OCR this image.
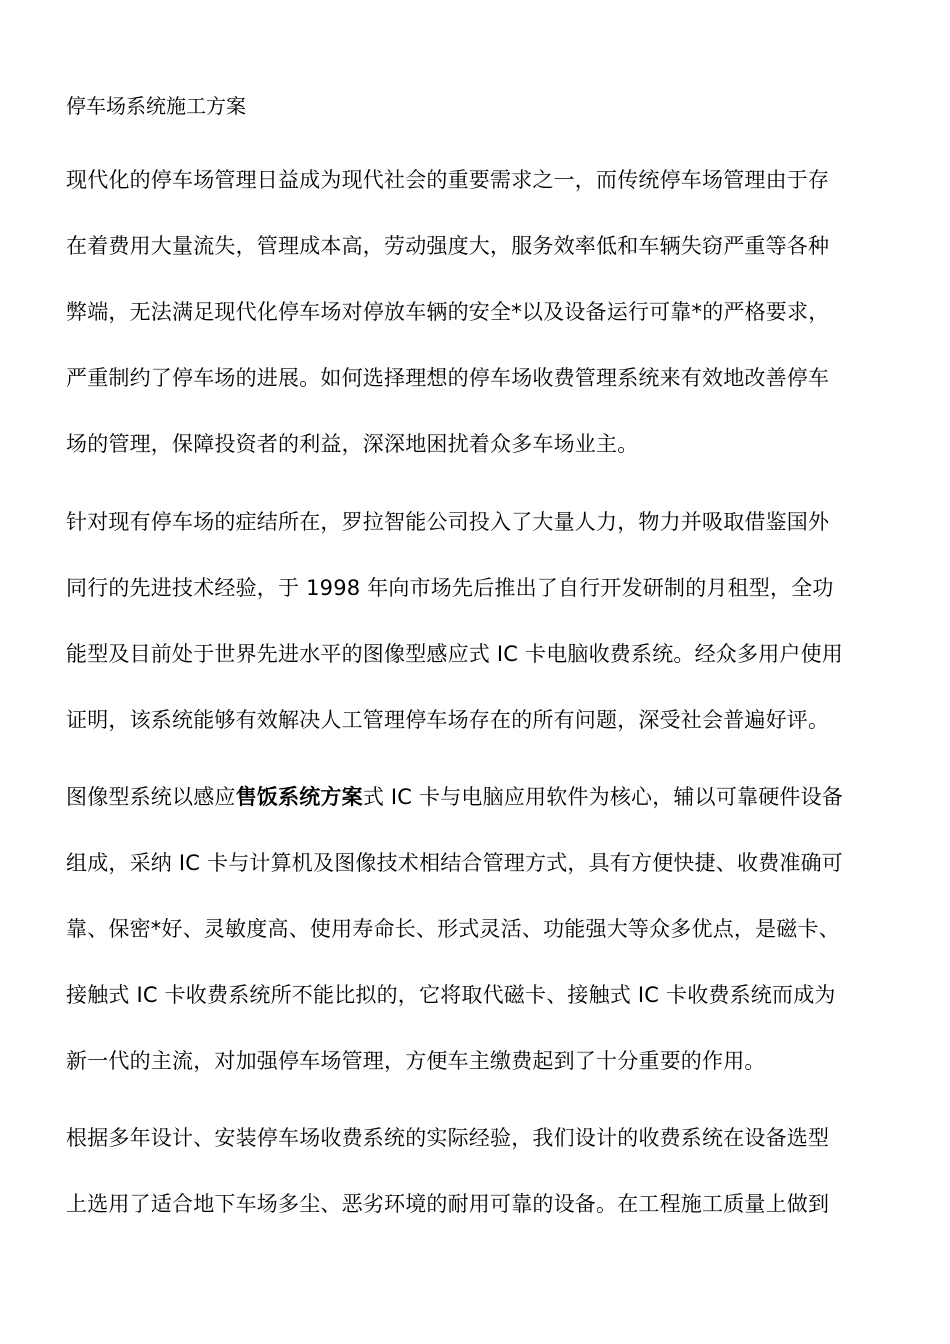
停车场系统施工方案
现代化的停车场管理日益成为现代社会的重要需求之一，而传统停车场管理由于存
在着费用大量流失，管理成本高，劳动强度大，服务效率低和车辆失窃严重等各种
弊端，无法满足现代化停车场对停放车辆的安全*以及设备运行可靠*的严格要求，
严重制约了停车场的进展。如何选择理想的停车场收费管理系统来有效地改善停车
场的管理，保障投资者的利益，深深地困扰着众多车场业主。
针对现有停车场的症结所在，罗拉智能公司投入了大量人力，物力并吸取借鉴国外
同行的先进技术经验，于 1998 年向市场先后推出了自行开发研制的月租型，全功
能型及目前处于世界先进水平的图像型感应式 IC 卡电脑收费系统。经众多用户使用
证明，该系统能够有效解决人工管理停车场存在的所有问题，深受社会普遍好评。
图像型系统以感应售饭系统方案式 IC 卡与电脑应用软件为核心，辅以可靠硬件设备
组成，采纳 IC 卡与计算机及图像技术相结合管理方式，具有方便快捷、收费准确可
靠、保密*好、灵敏度高、使用寿命长、形式灵活、功能强大等众多优点，是磁卡、
接触式 IC 卡收费系统所不能比拟的，它将取代磁卡、接触式 IC 卡收费系统而成为
新一代的主流，对加强停车场管理，方便车主缴费起到了十分重要的作用。
根据多年设计、安装停车场收费系统的实际经验，我们设计的收费系统在设备选型
上选用了适合地下车场多尘、恶劣环境的耐用可靠的设备。在工程施工质量上做到
